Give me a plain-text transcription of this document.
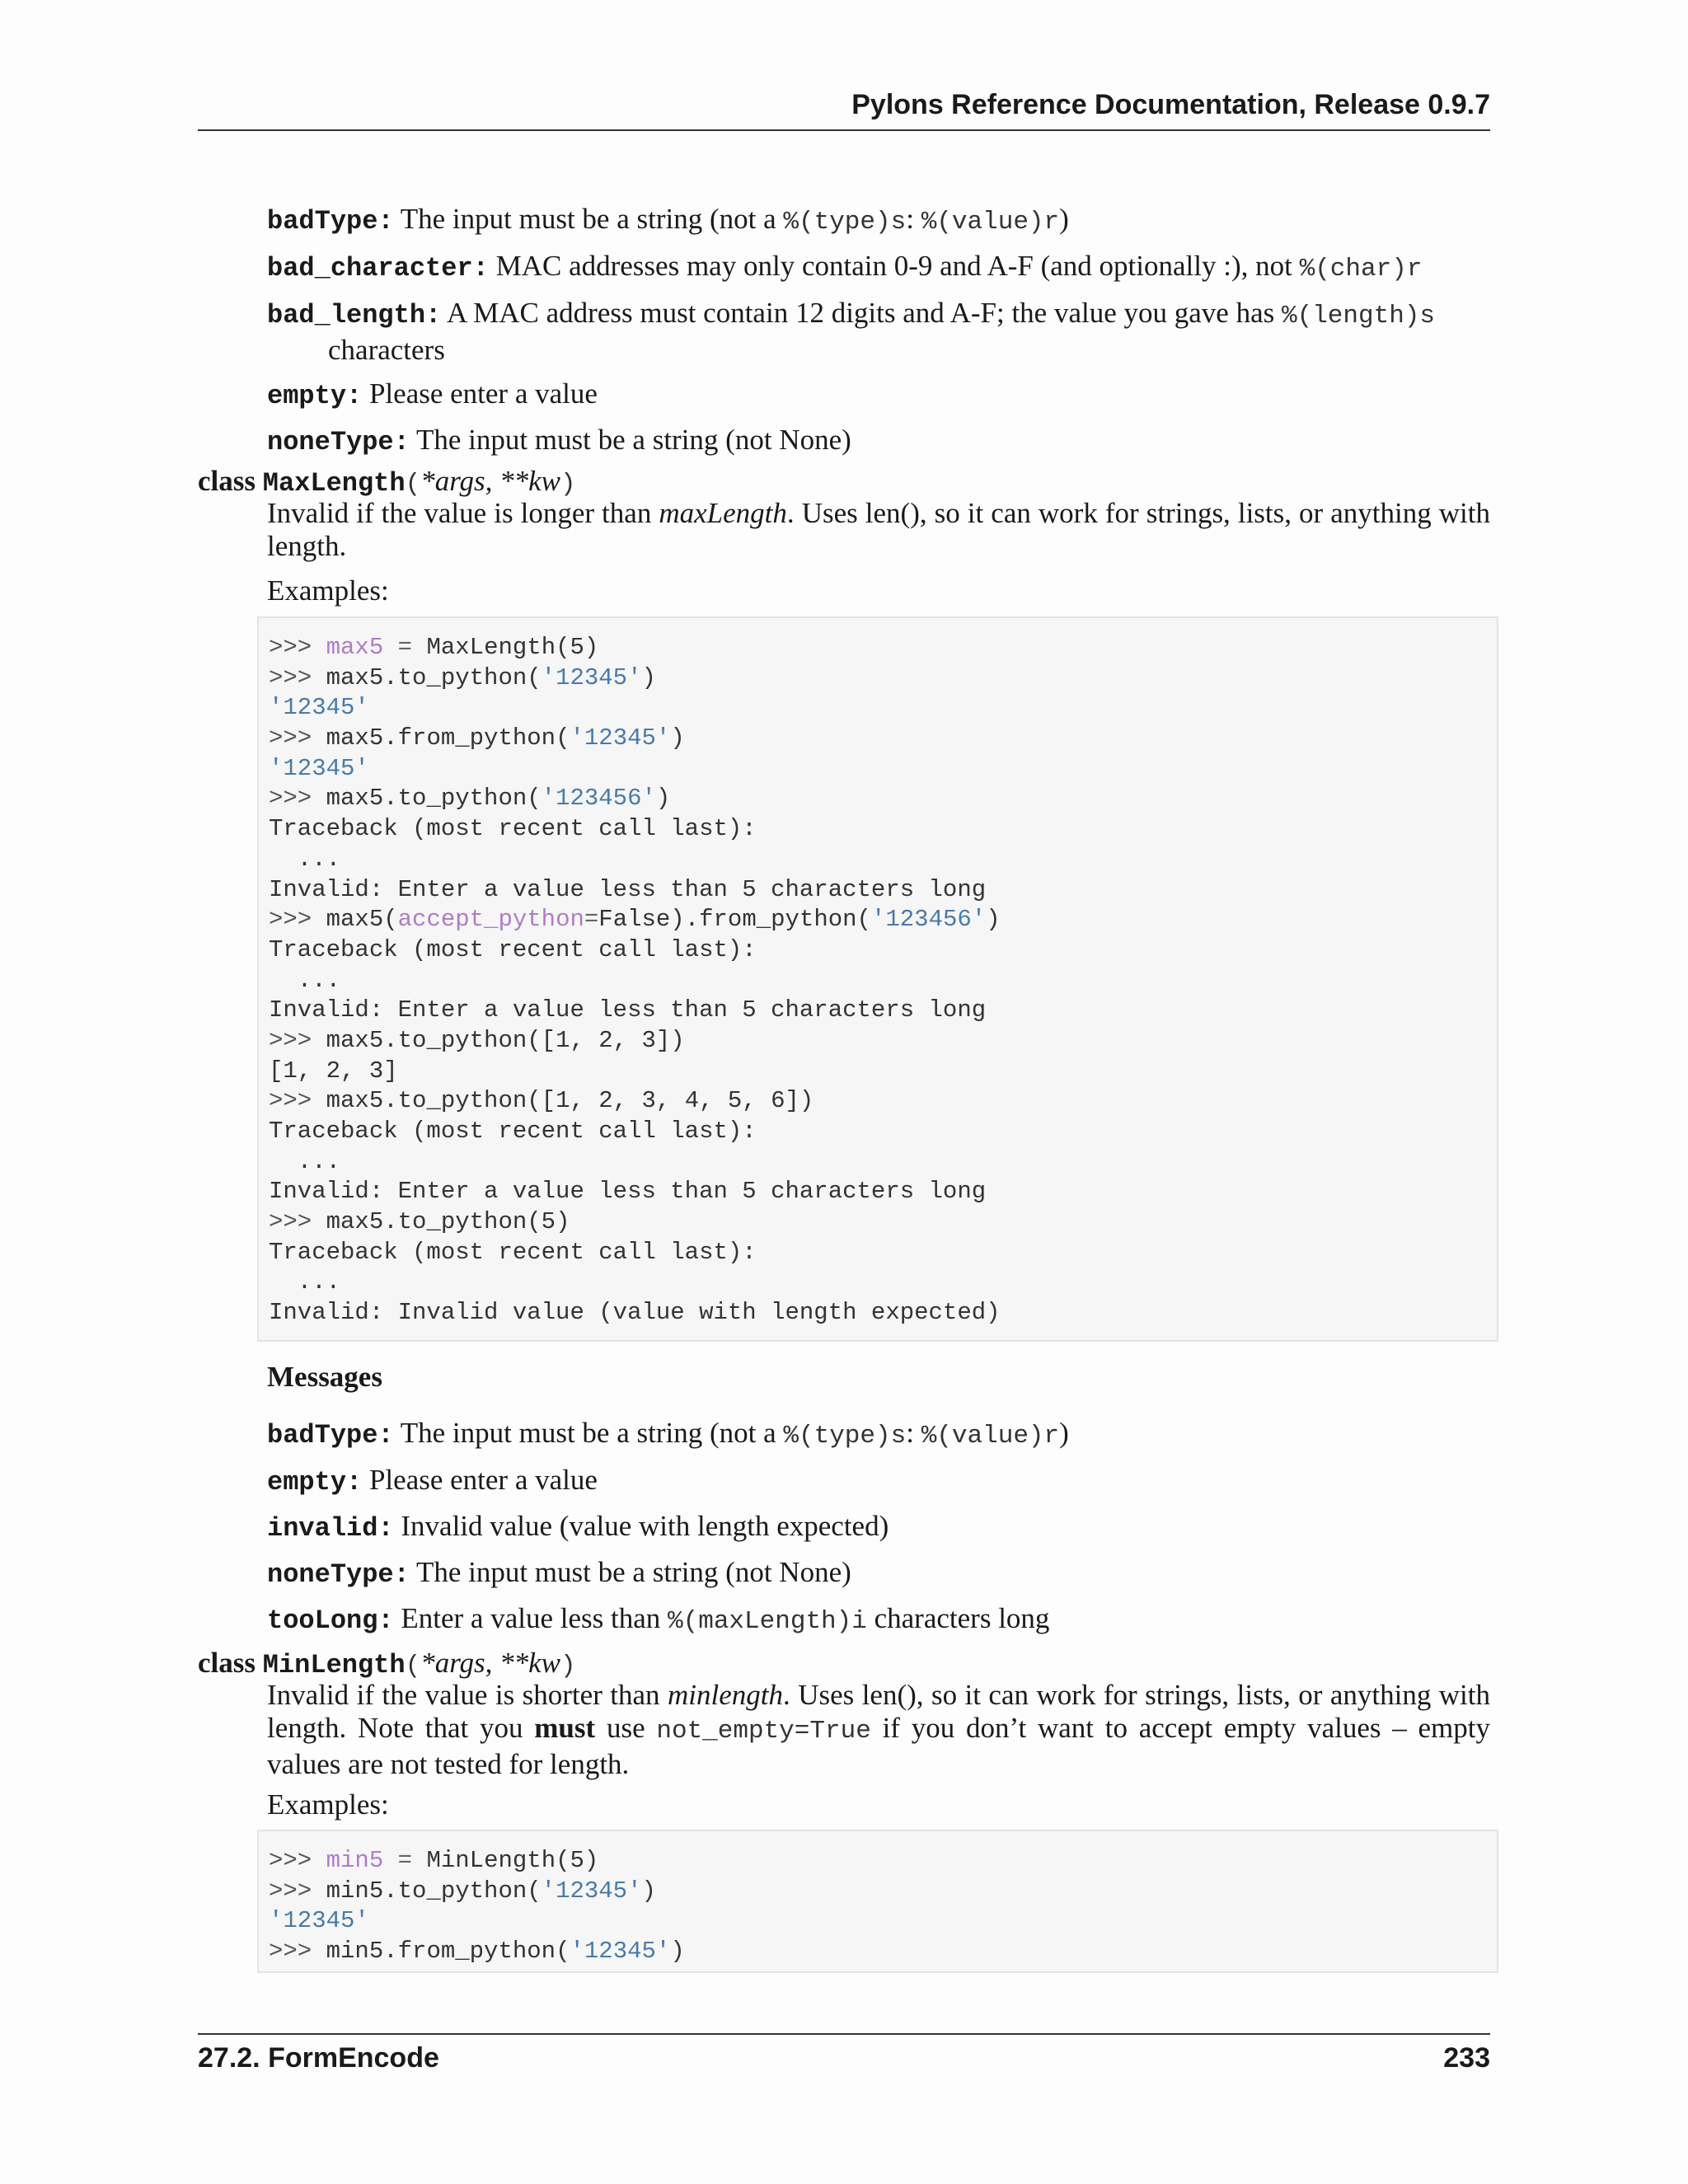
Pylons Reference Documentation, Release 0.9.7
badType: The input must be a string (not a %(type)s: %(value)r)
bad_character: MAC addresses may only contain 0-9 and A-F (and optionally :), not %(char)r
bad_length: A MAC address must contain 12 digits and A-F; the value you gave has %(length)s characters
empty: Please enter a value
noneType: The input must be a string (not None)
class MaxLength(*args, **kw)
Invalid if the value is longer than maxLength. Uses len(), so it can work for strings, lists, or anything with length.
Examples:
>>> max5 = MaxLength(5)
>>> max5.to_python('12345')
'12345'
>>> max5.from_python('12345')
'12345'
>>> max5.to_python('123456')
Traceback (most recent call last):
...
Invalid: Enter a value less than 5 characters long
>>> max5(accept_python=False).from_python('123456')
Traceback (most recent call last):
...
Invalid: Enter a value less than 5 characters long
>>> max5.to_python([1, 2, 3])
[1, 2, 3]
>>> max5.to_python([1, 2, 3, 4, 5, 6])
Traceback (most recent call last):
...
Invalid: Enter a value less than 5 characters long
>>> max5.to_python(5)
Traceback (most recent call last):
...
Invalid: Invalid value (value with length expected)
Messages
badType: The input must be a string (not a %(type)s: %(value)r)
empty: Please enter a value
invalid: Invalid value (value with length expected)
noneType: The input must be a string (not None)
tooLong: Enter a value less than %(maxLength)i characters long
class MinLength(*args, **kw)
Invalid if the value is shorter than minlength. Uses len(), so it can work for strings, lists, or anything with length. Note that you must use not_empty=True if you don’t want to accept empty values – empty values are not tested for length.
Examples:
>>> min5 = MinLength(5)
>>> min5.to_python('12345')
'12345'
>>> min5.from_python('12345')
27.2. FormEncode	233
